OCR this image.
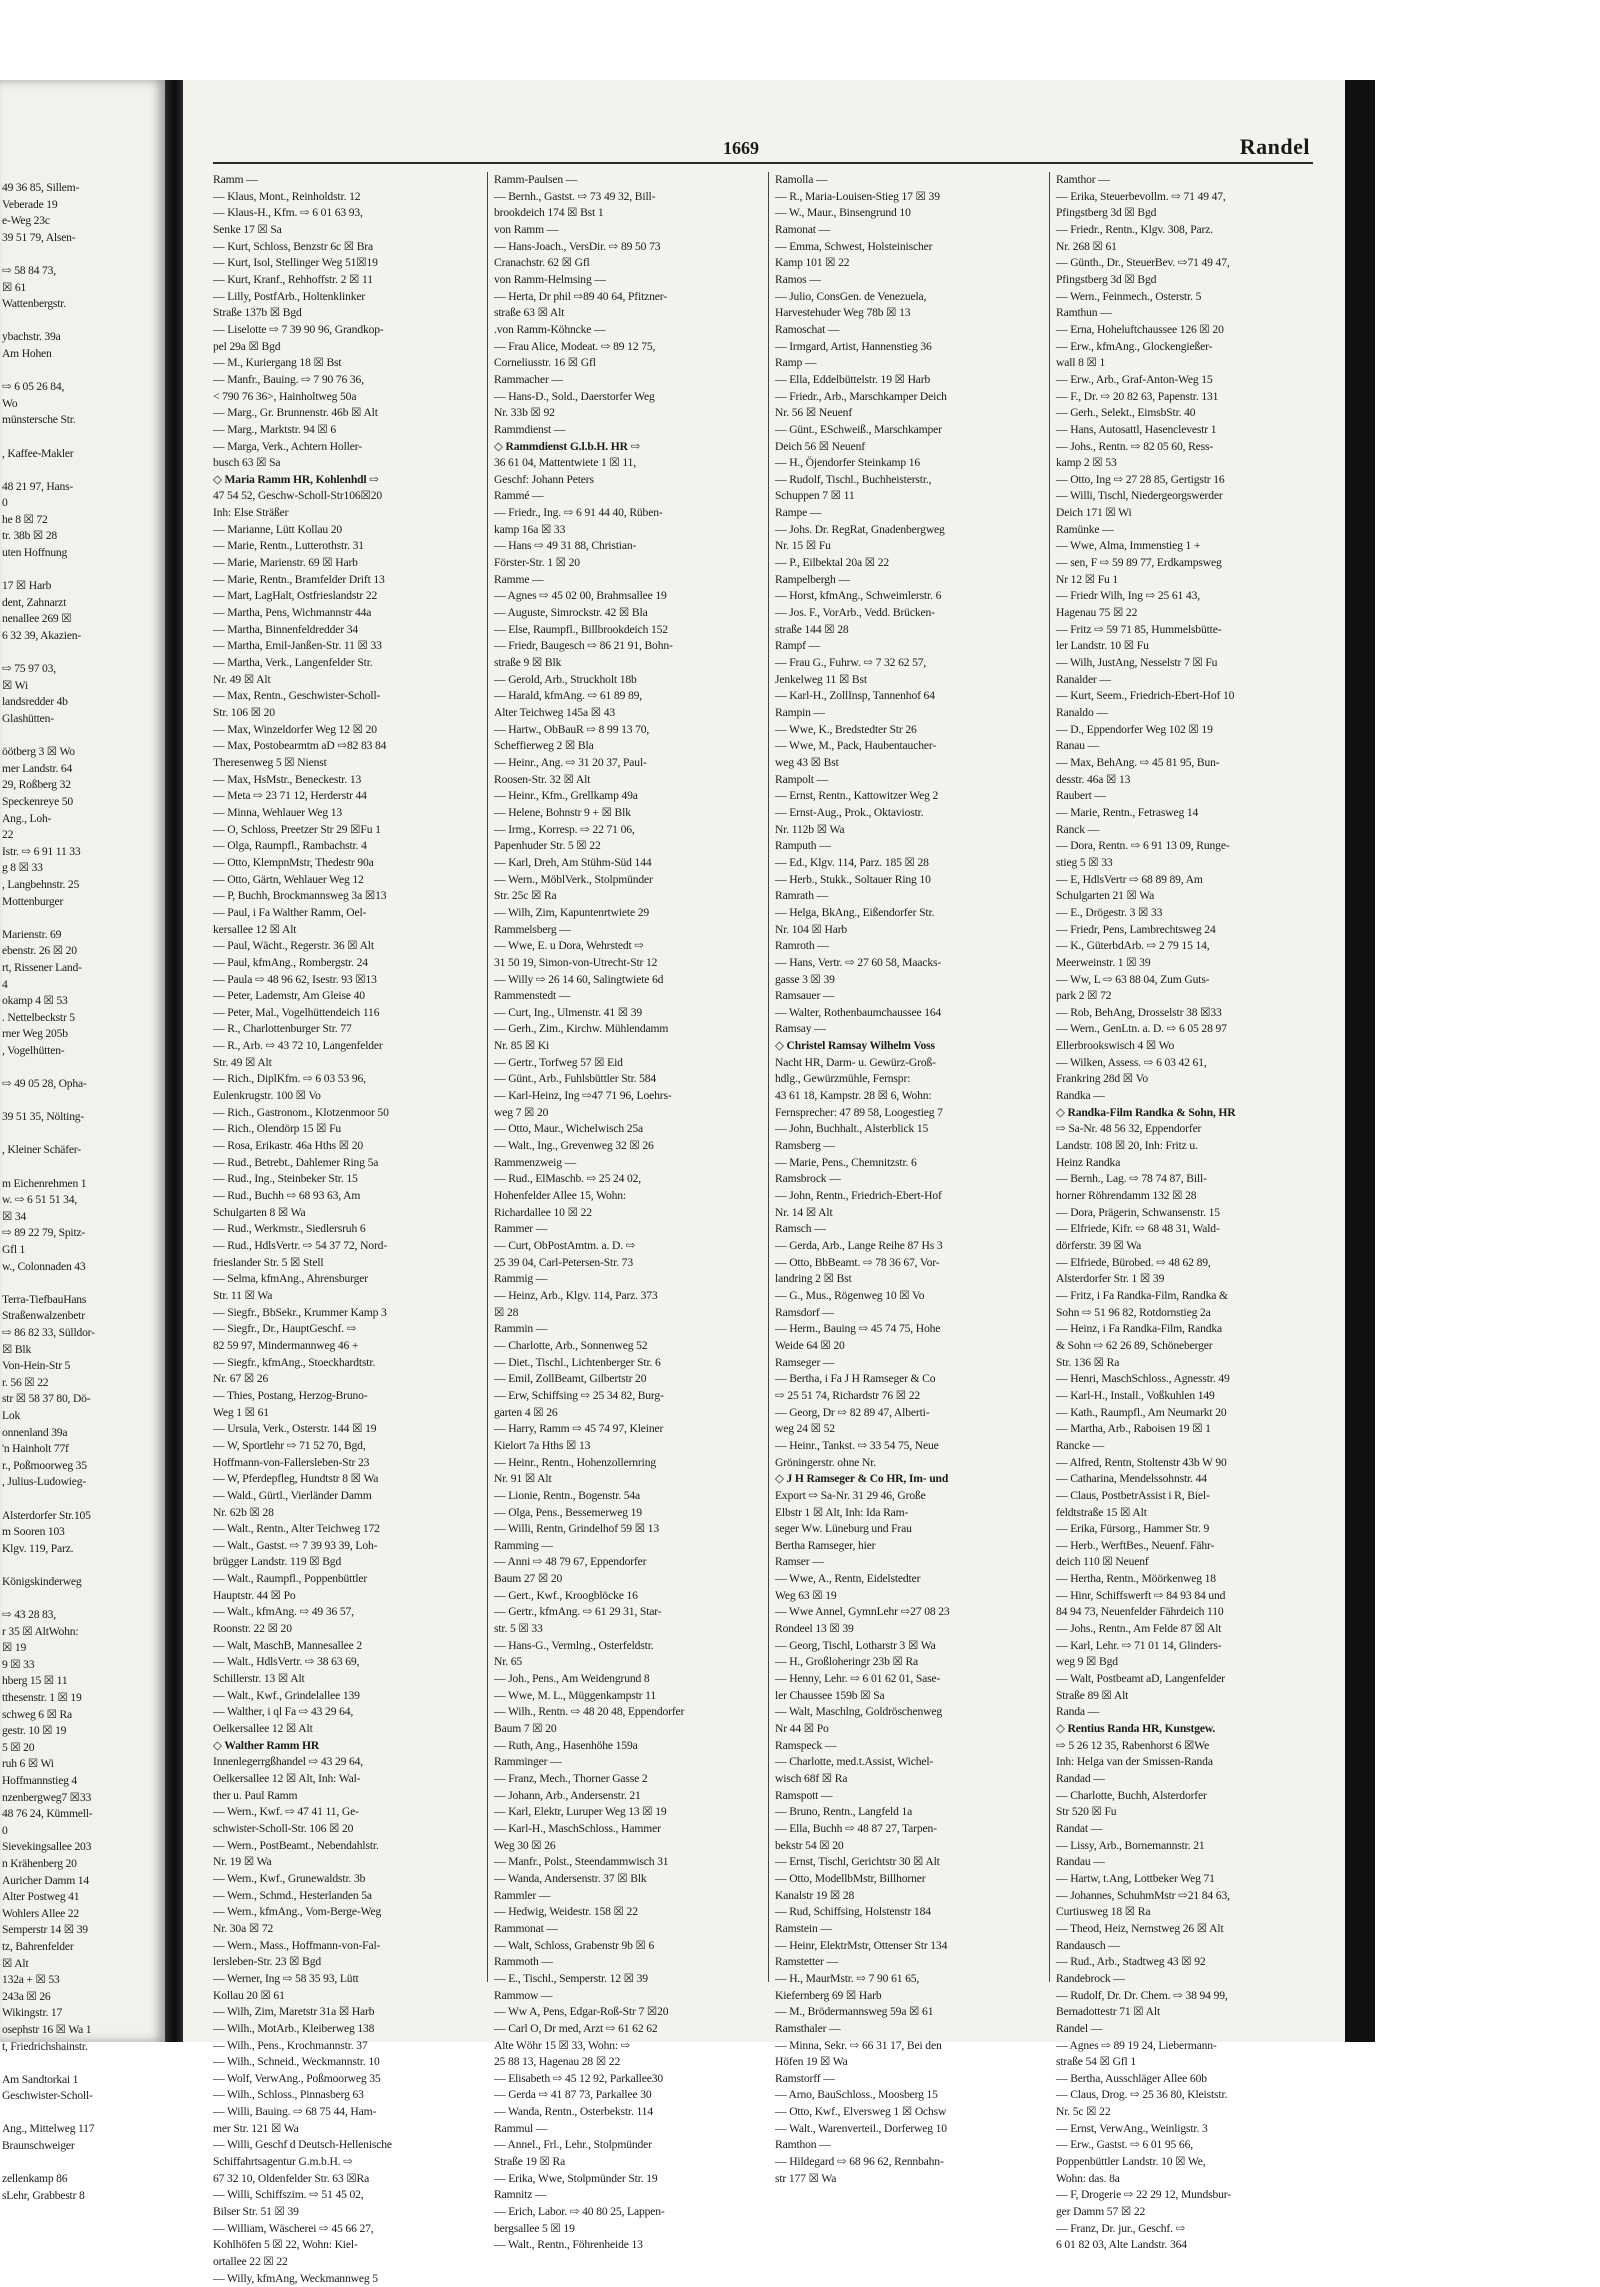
49 36 85, Sillem-
Veberade 19
e-Weg 23c
39 51 79, Alsen-

⇨ 58 84 73,
☒ 61
Wattenbergstr.

ybachstr. 39a
Am Hohen

⇨ 6 05 26 84,
Wo
münstersche Str.

, Kaffee-Makler

48 21 97, Hans-
0
he 8 ☒ 72
tr. 38b ☒ 28
uten Hoffnung

17 ☒ Harb
dent, Zahnarzt
nenallee 269 ☒
6 32 39, Akazien-

⇨ 75 97 03,
☒ Wi
landsredder 4b
Glashütten-

öötberg 3 ☒ Wo
mer Landstr. 64
29, Roßberg 32
Speckenreye 50
Ang., Loh-
22
Istr. ⇨ 6 91 11 33
g 8 ☒ 33
, Langbehnstr. 25
Mottenburger

Marienstr. 69
ebenstr. 26 ☒ 20
rt, Rissener Land-
4
okamp 4 ☒ 53
. Nettelbeckstr 5
rner Weg 205b
, Vogelhütten-

⇨ 49 05 28, Opha-

39 51 35, Nölting-

, Kleiner Schäfer-

m Eichenrehmen 1
w. ⇨ 6 51 51 34,
☒ 34
⇨ 89 22 79, Spitz-
Gfl 1
w., Colonnaden 43

Terra-TiefbauHans
Straßenwalzenbetr
⇨ 86 82 33, Sülldor-
☒ Blk
Von-Hein-Str 5
r. 56 ☒ 22
str ☒ 58 37 80, Dö-
Lok
onnenland 39a
'n Hainholt 77f
r., Poßmoorweg 35
, Julius-Ludowieg-

Alsterdorfer Str.105
m Sooren 103
Klgv. 119, Parz.

Königskinderweg

⇨ 43 28 83,
r 35 ☒ AltWohn:
☒ 19
9 ☒ 33
hberg 15 ☒ 11
tthesenstr. 1 ☒ 19
schweg 6 ☒ Ra
gestr. 10 ☒ 19
5 ☒ 20
ruh 6 ☒ Wi
Hoffmannstieg 4
nzenbergweg7 ☒33
48 76 24, Kümmell-
0
Sievekingsallee 203
n Krähenberg 20
Auricher Damm 14
Alter Postweg 41
Wohlers Allee 22
Semperstr 14 ☒ 39
tz, Bahrenfelder
☒ Alt
132a + ☒ 53
243a ☒ 26
Wikingstr. 17
osephstr 16 ☒ Wa 1
t, Friedrichshainstr.

Am Sandtorkai 1
Geschwister-Scholl-

Ang., Mittelweg 117
Braunschweiger

zellenkamp 86
sLehr, Grabbestr 8
1669	Randel
Ramm —
— Klaus, Mont., Reinholdstr. 12
— Klaus-H., Kfm. ⇨ 6 01 63 93,
Senke 17 ☒ Sa
— Kurt, Schloss, Benzstr 6c ☒ Bra
— Kurt, Isol, Stellinger Weg 51☒19
— Kurt, Kranf., Rehhoffstr. 2 ☒ 11
— Lilly, PostfArb., Holtenklinker
Straße 137b ☒ Bgd
— Liselotte ⇨ 7 39 90 96, Grandkop-
pel 29a ☒ Bgd
— M., Kuriergang 18 ☒ Bst
— Manfr., Bauing. ⇨ 7 90 76 36,
< 790 76 36>, Hainholtweg 50a
— Marg., Gr. Brunnenstr. 46b ☒ Alt
— Marg., Marktstr. 94 ☒ 6
— Marga, Verk., Achtern Holler-
busch 63 ☒ Sa
◇ Maria Ramm HR, Kohlenhdl ⇨
47 54 52, Geschw-Scholl-Str106☒20
Inh: Else Sträßer
— Marianne, Lütt Kollau 20
— Marie, Rentn., Lutterothstr. 31
— Marie, Marienstr. 69 ☒ Harb
— Marie, Rentn., Bramfelder Drift 13
— Mart, LagHalt, Ostfrieslandstr 22
— Martha, Pens, Wichmannstr 44a
— Martha, Binnenfeldredder 34
— Martha, Emil-Janßen-Str. 11 ☒ 33
— Martha, Verk., Langenfelder Str.
Nr. 49 ☒ Alt
— Max, Rentn., Geschwister-Scholl-
Str. 106 ☒ 20
— Max, Winzeldorfer Weg 12 ☒ 20
— Max, Postobearmtm aD ⇨82 83 84
Theresenweg 5 ☒ Nienst
— Max, HsMstr., Beneckestr. 13
— Meta ⇨ 23 71 12, Herderstr 44
— Minna, Wehlauer Weg 13
— O, Schloss, Preetzer Str 29 ☒Fu 1
— Olga, Raumpfl., Rambachstr. 4
— Otto, KlempnMstr, Thedestr 90a
— Otto, Gärtn, Wehlauer Weg 12
— P, Buchh, Brockmannsweg 3a ☒13
— Paul, i Fa Walther Ramm, Oel-
kersallee 12 ☒ Alt
— Paul, Wächt., Regerstr. 36 ☒ Alt
— Paul, kfmAng., Rombergstr. 24
— Paula ⇨ 48 96 62, Isestr. 93 ☒13
— Peter, Lademstr, Am Gleise 40
— Peter, Mal., Vogelhüttendeich 116
— R., Charlottenburger Str. 77
— R., Arb. ⇨ 43 72 10, Langenfelder
Str. 49 ☒ Alt
— Rich., DiplKfm. ⇨ 6 03 53 96,
Eulenkrugstr. 100 ☒ Vo
— Rich., Gastronom., Klotzenmoor 50
— Rich., Olendörp 15 ☒ Fu
— Rosa, Erikastr. 46a Hths ☒ 20
— Rud., Betrebt., Dahlemer Ring 5a
— Rud., Ing., Steinbeker Str. 15
— Rud., Buchh ⇨ 68 93 63, Am
Schulgarten 8 ☒ Wa
— Rud., Werkmstr., Siedlersruh 6
— Rud., HdlsVertr. ⇨ 54 37 72, Nord-
frieslander Str. 5 ☒ Stell
— Selma, kfmAng., Ahrensburger
Str. 11 ☒ Wa
— Siegfr., BbSekr., Krummer Kamp 3
— Siegfr., Dr., HauptGeschf. ⇨
82 59 97, Mindermannweg 46 +
— Siegfr., kfmAng., Stoeckhardtstr.
Nr. 67 ☒ 26
— Thies, Postang, Herzog-Bruno-
Weg 1 ☒ 61
— Ursula, Verk., Osterstr. 144 ☒ 19
— W, Sportlehr ⇨ 71 52 70, Bgd,
Hoffmann-von-Fallersleben-Str 23
— W, Pferdepfleg, Hundtstr 8 ☒ Wa
— Wald., Gürtl., Vierländer Damm
Nr. 62b ☒ 28
— Walt., Rentn., Alter Teichweg 172
— Walt., Gastst. ⇨ 7 39 93 39, Loh-
brügger Landstr. 119 ☒ Bgd
— Walt., Raumpfl., Poppenbüttler
Hauptstr. 44 ☒ Po
— Walt., kfmAng. ⇨ 49 36 57,
Roonstr. 22 ☒ 20
— Walt, MaschB, Mannesallee 2
— Walt., HdlsVertr. ⇨ 38 63 69,
Schillerstr. 13 ☒ Alt
— Walt., Kwf., Grindelallee 139
— Walther, i ql Fa ⇨ 43 29 64,
Oelkersallee 12 ☒ Alt
◇ Walther Ramm HR
Innenlegerrgßhandel ⇨ 43 29 64,
Oelkersallee 12 ☒ Alt, Inh: Wal-
ther u. Paul Ramm
— Wern., Kwf. ⇨ 47 41 11, Ge-
schwister-Scholl-Str. 106 ☒ 20
— Wern., PostBeamt., Nebendahlstr.
Nr. 19 ☒ Wa
— Wern., Kwf., Grunewaldstr. 3b
— Wern., Schmd., Hesterlanden 5a
— Wern., kfmAng., Vom-Berge-Weg
Nr. 30a ☒ 72
— Wern., Mass., Hoffmann-von-Fal-
lersleben-Str. 23 ☒ Bgd
— Werner, Ing ⇨ 58 35 93, Lütt
Kollau 20 ☒ 61
— Wilh, Zim, Maretstr 31a ☒ Harb
— Wilh., MotArb., Kleiberweg 138
— Wilh., Pens., Krochmannstr. 37
— Wilh., Schneid., Weckmannstr. 10
— Wolf, VerwAng., Poßmoorweg 35
— Wilh., Schloss., Pinnasberg 63
— Willi, Bauing. ⇨ 68 75 44, Ham-
mer Str. 121 ☒ Wa
— Willi, Geschf d Deutsch-Hellenische
Schiffahrtsagentur G.m.b.H. ⇨
67 32 10, Oldenfelder Str. 63 ☒Ra
— Willi, Schiffszim. ⇨ 51 45 02,
Bilser Str. 51 ☒ 39
— William, Wäscherei ⇨ 45 66 27,
Kohlhöfen 5 ☒ 22, Wohn: Kiel-
ortallee 22 ☒ 22
— Willy, kfmAng, Weckmannweg 5
Ramm-Paulsen —
— Bernh., Gastst. ⇨ 73 49 32, Bill-
brookdeich 174 ☒ Bst 1
von Ramm —
— Hans-Joach., VersDir. ⇨ 89 50 73
Cranachstr. 62 ☒ Gfl
von Ramm-Helmsing —
— Herta, Dr phil ⇨89 40 64, Pfitzner-
straße 63 ☒ Alt
.von Ramm-Köhncke —
— Frau Alice, Modeat. ⇨ 89 12 75,
Corneliusstr. 16 ☒ Gfl
Rammacher —
— Hans-D., Sold., Daerstorfer Weg
Nr. 33b ☒ 92
Rammdienst —
◇ Rammdienst G.l.b.H. HR ⇨
36 61 04, Mattentwiete 1 ☒ 11,
Geschf: Johann Peters
Rammé —
— Friedr., Ing. ⇨ 6 91 44 40, Rüben-
kamp 16a ☒ 33
— Hans ⇨ 49 31 88, Christian-
Förster-Str. 1 ☒ 20
Ramme —
— Agnes ⇨ 45 02 00, Brahmsallee 19
— Auguste, Simrockstr. 42 ☒ Bla
— Else, Raumpfl., Billbrookdeich 152
— Friedr, Baugesch ⇨ 86 21 91, Bohn-
straße 9 ☒ Blk
— Gerold, Arb., Struckholt 18b
— Harald, kfmAng. ⇨ 61 89 89,
Alter Teichweg 145a ☒ 43
— Hartw., ObBauR ⇨ 8 99 13 70,
Scheffierweg 2 ☒ Bla
— Heinr., Ang. ⇨ 31 20 37, Paul-
Roosen-Str. 32 ☒ Alt
— Heinr., Kfm., Grellkamp 49a
— Helene, Bohnstr 9 + ☒ Blk
— Irmg., Korresp. ⇨ 22 71 06,
Papenhuder Str. 5 ☒ 22
— Karl, Dreh, Am Stühm-Süd 144
— Wern., MöblVerk., Stolpmünder
Str. 25c ☒ Ra
— Wilh, Zim, Kapuntenrtwiete 29
Rammelsberg —
— Wwe, E. u Dora, Wehrstedt ⇨
31 50 19, Simon-von-Utrecht-Str 12
— Willy ⇨ 26 14 60, Salingtwiete 6d
Rammenstedt —
— Curt, Ing., Ulmenstr. 41 ☒ 39
— Gerh., Zim., Kirchw. Mühlendamm
Nr. 85 ☒ Ki
— Gertr., Torfweg 57 ☒ Eid
— Günt., Arb., Fuhlsbüttler Str. 584
— Karl-Heinz, Ing ⇨47 71 96, Loehrs-
weg 7 ☒ 20
— Otto, Maur., Wichelwisch 25a
— Walt., Ing., Grevenweg 32 ☒ 26
Rammenzweig —
— Rud., ElMaschb. ⇨ 25 24 02,
Hohenfelder Allee 15, Wohn:
Richardallee 10 ☒ 22
Rammer —
— Curt, ObPostAmtm. a. D. ⇨
25 39 04, Carl-Petersen-Str. 73
Rammig —
— Heinz, Arb., Klgv. 114, Parz. 373
☒ 28
Rammin —
— Charlotte, Arb., Sonnenweg 52
— Diet., Tischl., Lichtenberger Str. 6
— Emil, ZollBeamt, Gilbertstr 20
— Erw, Schiffsing ⇨ 25 34 82, Burg-
garten 4 ☒ 26
— Harry, Ramm ⇨ 45 74 97, Kleiner
Kielort 7a Hths ☒ 13
— Heinr., Rentn., Hohenzollernring
Nr. 91 ☒ Alt
— Lionie, Rentn., Bogenstr. 54a
— Olga, Pens., Bessemerweg 19
— Willi, Rentn, Grindelhof 59 ☒ 13
Ramming —
— Anni ⇨ 48 79 67, Eppendorfer
Baum 27 ☒ 20
— Gert., Kwf., Kroogblöcke 16
— Gertr., kfmAng. ⇨ 61 29 31, Star-
str. 5 ☒ 33
— Hans-G., Vermlng., Osterfeldstr.
Nr. 65
— Joh., Pens., Am Weidengrund 8
— Wwe, M. L., Müggenkampstr 11
— Wilh., Rentn. ⇨ 48 20 48, Eppendorfer
Baum 7 ☒ 20
— Ruth, Ang., Hasenhöhe 159a
Ramminger —
— Franz, Mech., Thorner Gasse 2
— Johann, Arb., Andersenstr. 21
— Karl, Elektr, Luruper Weg 13 ☒ 19
— Karl-H., MaschSchloss., Hammer
Weg 30 ☒ 26
— Manfr., Polst., Steendammwisch 31
— Wanda, Andersenstr. 37 ☒ Blk
Rammler —
— Hedwig, Weidestr. 158 ☒ 22
Rammonat —
— Walt, Schloss, Grabenstr 9b ☒ 6
Rammoth —
— E., Tischl., Semperstr. 12 ☒ 39
Rammow —
— Ww A, Pens, Edgar-Roß-Str 7 ☒20
— Carl O, Dr med, Arzt ⇨ 61 62 62
Alte Wöhr 15 ☒ 33, Wohn: ⇨
25 88 13, Hagenau 28 ☒ 22
— Elisabeth ⇨ 45 12 92, Parkallee30
— Gerda ⇨ 41 87 73, Parkallee 30
— Wanda, Rentn., Osterbekstr. 114
Rammul —
— Annel., Frl., Lehr., Stolpmünder
Straße 19 ☒ Ra
— Erika, Wwe, Stolpmünder Str. 19
Ramnitz —
— Erich, Labor. ⇨ 40 80 25, Lappen-
bergsallee 5 ☒ 19
— Walt., Rentn., Föhrenheide 13
Ramolla —
— R., Maria-Louisen-Stieg 17 ☒ 39
— W., Maur., Binsengrund 10
Ramonat —
— Emma, Schwest, Holsteinischer
Kamp 101 ☒ 22
Ramos —
— Julio, ConsGen. de Venezuela,
Harvestehuder Weg 78b ☒ 13
Ramoschat —
— Irmgard, Artist, Hannenstieg 36
Ramp —
— Ella, Eddelbüttelstr. 19 ☒ Harb
— Friedr., Arb., Marschkamper Deich
Nr. 56 ☒ Neuenf
— Günt., ESchweiß., Marschkamper
Deich 56 ☒ Neuenf
— H., Öjendorfer Steinkamp 16
— Rudolf, Tischl., Buchheisterstr.,
Schuppen 7 ☒ 11
Rampe —
— Johs. Dr. RegRat, Gnadenbergweg
Nr. 15 ☒ Fu
— P., Eilbektal 20a ☒ 22
Rampelbergh —
— Horst, kfmAng., Schweimlerstr. 6
— Jos. F., VorArb., Vedd. Brücken-
straße 144 ☒ 28
Rampf —
— Frau G., Fuhrw. ⇨ 7 32 62 57,
Jenkelweg 11 ☒ Bst
— Karl-H., ZollInsp, Tannenhof 64
Rampin —
— Wwe, K., Bredstedter Str 26
— Wwe, M., Pack, Haubentaucher-
weg 43 ☒ Bst
Rampolt —
— Ernst, Rentn., Kattowitzer Weg 2
— Ernst-Aug., Prok., Oktaviostr.
Nr. 112b ☒ Wa
Ramputh —
— Ed., Klgv. 114, Parz. 185 ☒ 28
— Herb., Stukk., Soltauer Ring 10
Ramrath —
— Helga, BkAng., Eißendorfer Str.
Nr. 104 ☒ Harb
Ramroth —
— Hans, Vertr. ⇨ 27 60 58, Maacks-
gasse 3 ☒ 39
Ramsauer —
— Walter, Rothenbaumchaussee 164
Ramsay —
◇ Christel Ramsay Wilhelm Voss
Nacht HR, Darm- u. Gewürz-Groß-
hdlg., Gewürzmühle, Fernspr:
43 61 18, Kampstr. 28 ☒ 6, Wohn:
Fernsprecher: 47 89 58, Loogestieg 7
— John, Buchhalt., Alsterblick 15
Ramsberg —
— Marie, Pens., Chemnitzstr. 6
Ramsbrock —
— John, Rentn., Friedrich-Ebert-Hof
Nr. 14 ☒ Alt
Ramsch —
— Gerda, Arb., Lange Reihe 87 Hs 3
— Otto, BbBeamt. ⇨ 78 36 67, Vor-
landring 2 ☒ Bst
— G., Mus., Rögenweg 10 ☒ Vo
Ramsdorf —
— Herm., Bauing ⇨ 45 74 75, Hohe
Weide 64 ☒ 20
Ramseger —
— Bertha, i Fa J H Ramseger & Co
⇨ 25 51 74, Richardstr 76 ☒ 22
— Georg, Dr ⇨ 82 89 47, Alberti-
weg 24 ☒ 52
— Heinr., Tankst. ⇨ 33 54 75, Neue
Gröningerstr. ohne Nr.
◇ J H Ramseger & Co HR, Im- und
Export ⇨ Sa-Nr. 31 29 46, Große
Elbstr 1 ☒ Alt, Inh: Ida Ram-
seger Ww. Lüneburg und Frau
Bertha Ramseger, hier
Ramser —
— Wwe, A., Rentn, Eidelstedter
Weg 63 ☒ 19
— Wwe Annel, GymnLehr ⇨27 08 23
Rondeel 13 ☒ 39
— Georg, Tischl, Lotharstr 3 ☒ Wa
— H., Großloheringr 23b ☒ Ra
— Henny, Lehr. ⇨ 6 01 62 01, Sase-
ler Chaussee 159b ☒ Sa
— Walt, Maschlng, Goldröschenweg
Nr 44 ☒ Po
Ramspeck —
— Charlotte, med.t.Assist, Wichel-
wisch 68f ☒ Ra
Ramspott —
— Bruno, Rentn., Langfeld 1a
— Ella, Buchh ⇨ 48 87 27, Tarpen-
bekstr 54 ☒ 20
— Ernst, Tischl, Gerichtstr 30 ☒ Alt
— Otto, ModellbMstr, Billhorner
Kanalstr 19 ☒ 28
— Rud, Schiffsing, Holstenstr 184
Ramstein —
— Heinr, ElektrMstr, Ottenser Str 134
Ramstetter —
— H., MaurMstr. ⇨ 7 90 61 65,
Kiefernberg 69 ☒ Harb
— M., Brödermannsweg 59a ☒ 61
Ramsthaler —
— Minna, Sekr. ⇨ 66 31 17, Bei den
Höfen 19 ☒ Wa
Ramstorff —
— Arno, BauSchloss., Moosberg 15
— Otto, Kwf., Elversweg 1 ☒ Ochsw
— Walt., Warenverteil., Dorferweg 10
Ramthon —
— Hildegard ⇨ 68 96 62, Rennbahn-
str 177 ☒ Wa
Ramthor —
— Erika, Steuerbevollm. ⇨ 71 49 47,
Pfingstberg 3d ☒ Bgd
— Friedr., Rentn., Klgv. 308, Parz.
Nr. 268 ☒ 61
— Günth., Dr., SteuerBev. ⇨71 49 47,
Pfingstberg 3d ☒ Bgd
— Wern., Feinmech., Osterstr. 5
Ramthun —
— Erna, Hoheluftchaussee 126 ☒ 20
— Erw., kfmAng., Glockengießer-
wall 8 ☒ 1
— Erw., Arb., Graf-Anton-Weg 15
— F., Dr. ⇨ 20 82 63, Papenstr. 131
— Gerh., Selekt., EimsbStr. 40
— Hans, Autosattl, Hasenclevestr 1
— Johs., Rentn. ⇨ 82 05 60, Ress-
kamp 2 ☒ 53
— Otto, Ing ⇨ 27 28 85, Gertigstr 16
— Willi, Tischl, Niedergeorgswerder
Deich 171 ☒ Wi
Ramünke —
— Wwe, Alma, Immenstieg 1 +
— sen, F ⇨ 59 89 77, Erdkampsweg
Nr 12 ☒ Fu 1
— Friedr Wilh, Ing ⇨ 25 61 43,
Hagenau 75 ☒ 22
— Fritz ⇨ 59 71 85, Hummelsbütte-
ler Landstr. 10 ☒ Fu
— Wilh, JustAng, Nesselstr 7 ☒ Fu
Ranalder —
— Kurt, Seem., Friedrich-Ebert-Hof 10
Ranaldo —
— D., Eppendorfer Weg 102 ☒ 19
Ranau —
— Max, BehAng. ⇨ 45 81 95, Bun-
desstr. 46a ☒ 13
Raubert —
— Marie, Rentn., Fetrasweg 14
Ranck —
— Dora, Rentn. ⇨ 6 91 13 09, Runge-
stieg 5 ☒ 33
— E, HdlsVertr ⇨ 68 89 89, Am
Schulgarten 21 ☒ Wa
— E., Drögestr. 3 ☒ 33
— Friedr, Pens, Lambrechtsweg 24
— K., GüterbdArb. ⇨ 2 79 15 14,
Meerweinstr. 1 ☒ 39
— Ww, L ⇨ 63 88 04, Zum Guts-
park 2 ☒ 72
— Rob, BehAng, Drosselstr 38 ☒33
— Wern., GenLtn. a. D. ⇨ 6 05 28 97
Ellerbrookswisch 4 ☒ Wo
— Wilken, Assess. ⇨ 6 03 42 61,
Frankring 28d ☒ Vo
Randka —
◇ Randka-Film Randka & Sohn, HR
⇨ Sa-Nr. 48 56 32, Eppendorfer
Landstr. 108 ☒ 20, Inh: Fritz u.
Heinz Randka
— Bernh., Lag. ⇨ 78 74 87, Bill-
horner Röhrendamm 132 ☒ 28
— Dora, Prägerin, Schwansenstr. 15
— Elfriede, Kifr. ⇨ 68 48 31, Wald-
dörferstr. 39 ☒ Wa
— Elfriede, Bürobed. ⇨ 48 62 89,
Alsterdorfer Str. 1 ☒ 39
— Fritz, i Fa Randka-Film, Randka &
Sohn ⇨ 51 96 82, Rotdornstieg 2a
— Heinz, i Fa Randka-Film, Randka
& Sohn ⇨ 62 26 89, Schöneberger
Str. 136 ☒ Ra
— Henri, MaschSchloss., Agnesstr. 49
— Karl-H., Install., Voßkuhlen 149
— Kath., Raumpfl., Am Neumarkt 20
— Martha, Arb., Raboisen 19 ☒ 1
Rancke —
— Alfred, Rentn, Stoltenstr 43b W 90
— Catharina, Mendelssohnstr. 44
— Claus, PostbetrAssist i R, Biel-
feldtstraße 15 ☒ Alt
— Erika, Fürsorg., Hammer Str. 9
— Herb., WerftBes., Neuenf. Fähr-
deich 110 ☒ Neuenf
— Hertha, Rentn., Möörkenweg 18
— Hinr, Schiffswerft ⇨ 84 93 84 und
84 94 73, Neuenfelder Fährdeich 110
— Johs., Rentn., Am Felde 87 ☒ Alt
— Karl, Lehr. ⇨ 71 01 14, Glinders-
weg 9 ☒ Bgd
— Walt, Postbeamt aD, Langenfelder
Straße 89 ☒ Alt
Randa —
◇ Rentius Randa HR, Kunstgew.
⇨ 5 26 12 35, Rabenhorst 6 ☒We
Inh: Helga van der Smissen-Randa
Randad —
— Charlotte, Buchh, Alsterdorfer
Str 520 ☒ Fu
Randat —
— Lissy, Arb., Bornemannstr. 21
Randau —
— Hartw, t.Ang, Lottbeker Weg 71
— Johannes, SchuhmMstr ⇨21 84 63,
Curtiusweg 18 ☒ Ra
— Theod, Heiz, Nernstweg 26 ☒ Alt
Randausch —
— Rud., Arb., Stadtweg 43 ☒ 92
Randebrock —
— Rudolf, Dr. Dr. Chem. ⇨ 38 94 99,
Bernadottestr 71 ☒ Alt
Randel —
— Agnes ⇨ 89 19 24, Liebermann-
straße 54 ☒ Gfl 1
— Bertha, Ausschläger Allee 60b
— Claus, Drog. ⇨ 25 36 80, Kleiststr.
Nr. 5c ☒ 22
— Ernst, VerwAng., Weinligstr. 3
— Erw., Gastst. ⇨ 6 01 95 66,
Poppenbüttler Landstr. 10 ☒ We,
Wohn: das. 8a
— F, Drogerie ⇨ 22 29 12, Mundsbur-
ger Damm 57 ☒ 22
— Franz, Dr. jur., Geschf. ⇨
6 01 82 03, Alte Landstr. 364
